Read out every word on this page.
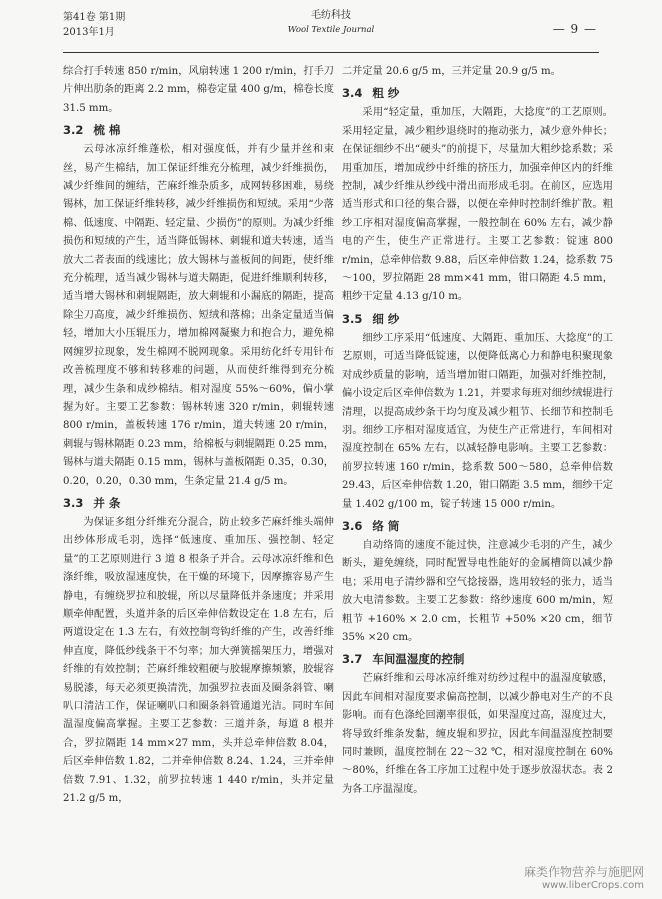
第41卷 第1期
2013年1月
毛纺科技
Wool Textile Journal	— 9 —

综合打手转速 850 r/min，风扇转速 1 200 r/min，打手刀片伸出肋条的距离 2.2 mm，棉卷定量 400 g/m，棉卷长度 31.5 mm。

3.2 梳 棉

云母冰凉纤维蓬松，相对强度低，并有少量并丝和束丝，易产生棉结，加工保证纤维充分梳理，减少纤维损伤，减少纤维间的缠结，芒麻纤维杂质多，成网转移困难，易绕锡林，加工保证纤维转移，减少纤维损伤和短绒。采用“少落棉、低速度、中隔距、轻定量、少损伤”的原则。为减少纤维损伤和短绒的产生，适当降低锡林、刺辊和道夫转速，适当放大二者表面的线速比；放大锡林与盖板间的间距，使纤维充分梳理，适当减少锡林与道夫隔距，促进纤维顺利转移，适当增大锡林和刺辊隔距，放大刺辊和小漏底的隔距，提高除尘刀高度，减少纤维损伤、短绒和落棉；出条定量适当偏轻，增加大小压辊压力，增加棉网凝聚力和抱合力，避免棉网缠罗拉现象，发生棉网不脱网现象。采用纺化纤专用针布改善梳理度不够和转移难的问题，从而使纤维得到充分梳理，减少生条和成纱棉结。相对湿度 55%～60%，偏小掌握为好。主要工艺参数：锡林转速 320 r/min，刺辊转速 800 r/min，盖板转速 176 r/min，道夫转速 20 r/min，刺辊与锡林隔距 0.23 mm，给棉板与刺辊隔距 0.25 mm，锡林与道夫隔距 0.15 mm，锡林与盖板隔距 0.35，0.30，0.20，0.20，0.30 mm，生条定量 21.4 g/5 m。

3.3 并 条

为保证多组分纤维充分混合，防止较多芒麻纤维头端伸出纱体形成毛羽，选择“低速度、重加压、强控制、轻定量”的工艺原则进行 3 道 8 根条子并合。云母冰凉纤维和色涤纤维，吸放湿速度快，在干燥的环境下，因摩擦容易产生静电，有缠绕罗拉和胶辊，所以尽量降低并条速度；并采用顺牵伸配置，头道并条的后区牵伸倍数设定在 1.8 左右，后两道设定在 1.3 左右，有效控制弯钩纤维的产生，改善纤维伸直度，降低纱线条干不匀率；加大弹簧摇架压力，增强对纤维的有效控制；芒麻纤维较粗硬与胶辊摩擦频繁，胶辊容易脱漆，每天必须更换清洗，加强罗拉表面及圈条斜管、喇叭口清洁工作，保证喇叭口和圈条斜管通道光洁。同时车间温湿度偏高掌握。主要工艺参数：三道并条，每道 8 根并合，罗拉隔距 14 mm×27 mm，头并总牵伸倍数 8.04，后区牵伸倍数 1.82，二并牵伸倍数 8.24、1.24，三并牵伸倍数 7.91、1.32，前罗拉转速 1 440 r/min，头并定量 21.2 g/5 m，

二并定量 20.6 g/5 m，三并定量 20.9 g/5 m。

3.4 粗 纱

采用“轻定量，重加压，大隔距，大捻度”的工艺原则。采用轻定量，减少粗纱退绕时的拖动张力，减少意外伸长；在保证细纱不出“硬头”的前提下，尽量加大粗纱捻系数；采用重加压，增加成纱中纤维的挤压力，加强牵伸区内的纤维控制，减少纤维从纱线中滑出而形成毛羽。在前区，应选用适当形式和口径的集合器，以便在牵伸时控制纤维扩散。粗纱工序相对湿度偏高掌握，一般控制在 60% 左右，减少静电的产生，使生产正常进行。主要工艺参数：锭速 800 r/min，总牵伸倍数 9.88，后区牵伸倍数 1.24，捻系数 75～100，罗拉隔距 28 mm×41 mm，钳口隔距 4.5 mm，粗纱干定量 4.13 g/10 m。

3.5 细 纱

细纱工序采用“低速度、大隔距、重加压、大捻度”的工艺原则，可适当降低锭速，以便降低离心力和静电积聚现象对成纱质量的影响，适当增加钳口隔距，加强对纤维控制，偏小设定后区牵伸倍数为 1.21，并要求每班对细纱绒辊进行清理，以提高成纱条干均匀度及减少粗节、长细节和控制毛羽。细纱工序相对湿度适宜，为使生产正常进行，车间相对湿度控制在 65% 左右，以减轻静电影响。主要工艺参数：前罗拉转速 160 r/min，捻系数 500～580，总牵伸倍数 29.43，后区牵伸倍数 1.20，钳口隔距 3.5 mm，细纱干定量 1.402 g/100 m，锭子转速 15 000 r/min。

3.6 络 筒

自动络筒的速度不能过快，注意减少毛羽的产生，减少断头，避免缠绕，同时配置导电性能好的金属槽筒以减少静电；采用电子清纱器和空气捻接器，选用较轻的张力，适当放大电清参数。主要工艺参数：络纱速度 600 m/min，短粗节 +160% × 2.0 cm，长粗节 +50% ×20 cm，细节 35% ×20 cm。

3.7 车间温湿度的控制

芒麻纤维和云母冰凉纤维对纺纱过程中的温湿度敏感，因此车间相对湿度要求偏高控制，以减少静电对生产的不良影响。而有色涤纶回潮率很低，如果湿度过高，湿度过大，将导致纤维条发黏，缠皮辊和罗拉，因此车间温湿度控制要同时兼顾，温度控制在 22～32 ℃，相对湿度控制在 60%～80%，纤维在各工序加工过程中处于逐步放湿状态。表 2 为各工序温湿度。

麻类作物营养与施肥网
www.liberCrops.com
